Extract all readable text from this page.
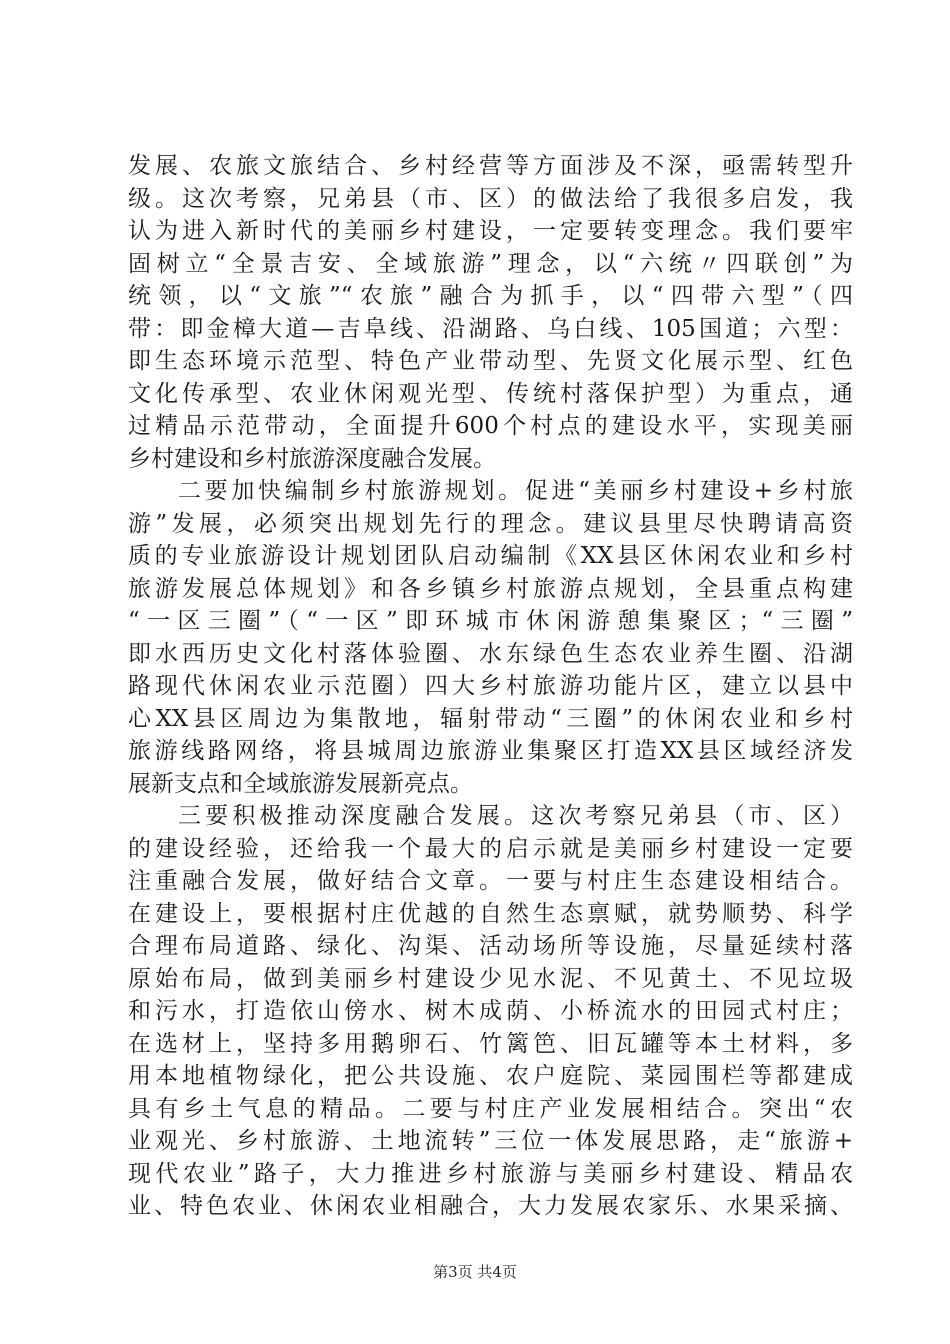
发展、农旅文旅结合、乡村经营等方面涉及不深，亟需转型升
级。这次考察，兄弟县（市、区）的做法给了我很多启发，我
认为进入新时代的美丽乡村建设，一定要转变理念。我们要牢
固树立“全景吉安、全域旅游”理念，以“六统〃四联创”为
统领，以“文旅”“农旅”融合为抓手，以“四带六型”（四
带：即金樟大道—吉阜线、沿湖路、乌白线、105国道；六型：
即生态环境示范型、特色产业带动型、先贤文化展示型、红色
文化传承型、农业休闲观光型、传统村落保护型）为重点，通
过精品示范带动，全面提升600个村点的建设水平，实现美丽
乡村建设和乡村旅游深度融合发展。
二要加快编制乡村旅游规划。促进“美丽乡村建设+乡村旅
游”发展，必须突出规划先行的理念。建议县里尽快聘请高资
质的专业旅游设计规划团队启动编制《XX县区休闲农业和乡村
旅游发展总体规划》和各乡镇乡村旅游点规划，全县重点构建
“一区三圈”（“一区”即环城市休闲游憩集聚区；“三圈”
即水西历史文化村落体验圈、水东绿色生态农业养生圈、沿湖
路现代休闲农业示范圈）四大乡村旅游功能片区，建立以县中
心XX县区周边为集散地，辐射带动“三圈”的休闲农业和乡村
旅游线路网络，将县城周边旅游业集聚区打造XX县区域经济发
展新支点和全域旅游发展新亮点。
三要积极推动深度融合发展。这次考察兄弟县（市、区）
的建设经验，还给我一个最大的启示就是美丽乡村建设一定要
注重融合发展，做好结合文章。一要与村庄生态建设相结合。
在建设上，要根据村庄优越的自然生态禀赋，就势顺势、科学
合理布局道路、绿化、沟渠、活动场所等设施，尽量延续村落
原始布局，做到美丽乡村建设少见水泥、不见黄土、不见垃圾
和污水，打造依山傍水、树木成荫、小桥流水的田园式村庄；
在选材上，坚持多用鹅卵石、竹篱笆、旧瓦罐等本土材料，多
用本地植物绿化，把公共设施、农户庭院、菜园围栏等都建成
具有乡土气息的精品。二要与村庄产业发展相结合。突出“农
业观光、乡村旅游、土地流转”三位一体发展思路，走“旅游+
现代农业”路子，大力推进乡村旅游与美丽乡村建设、精品农
业、特色农业、休闲农业相融合，大力发展农家乐、水果采摘、
第3页 共4页
